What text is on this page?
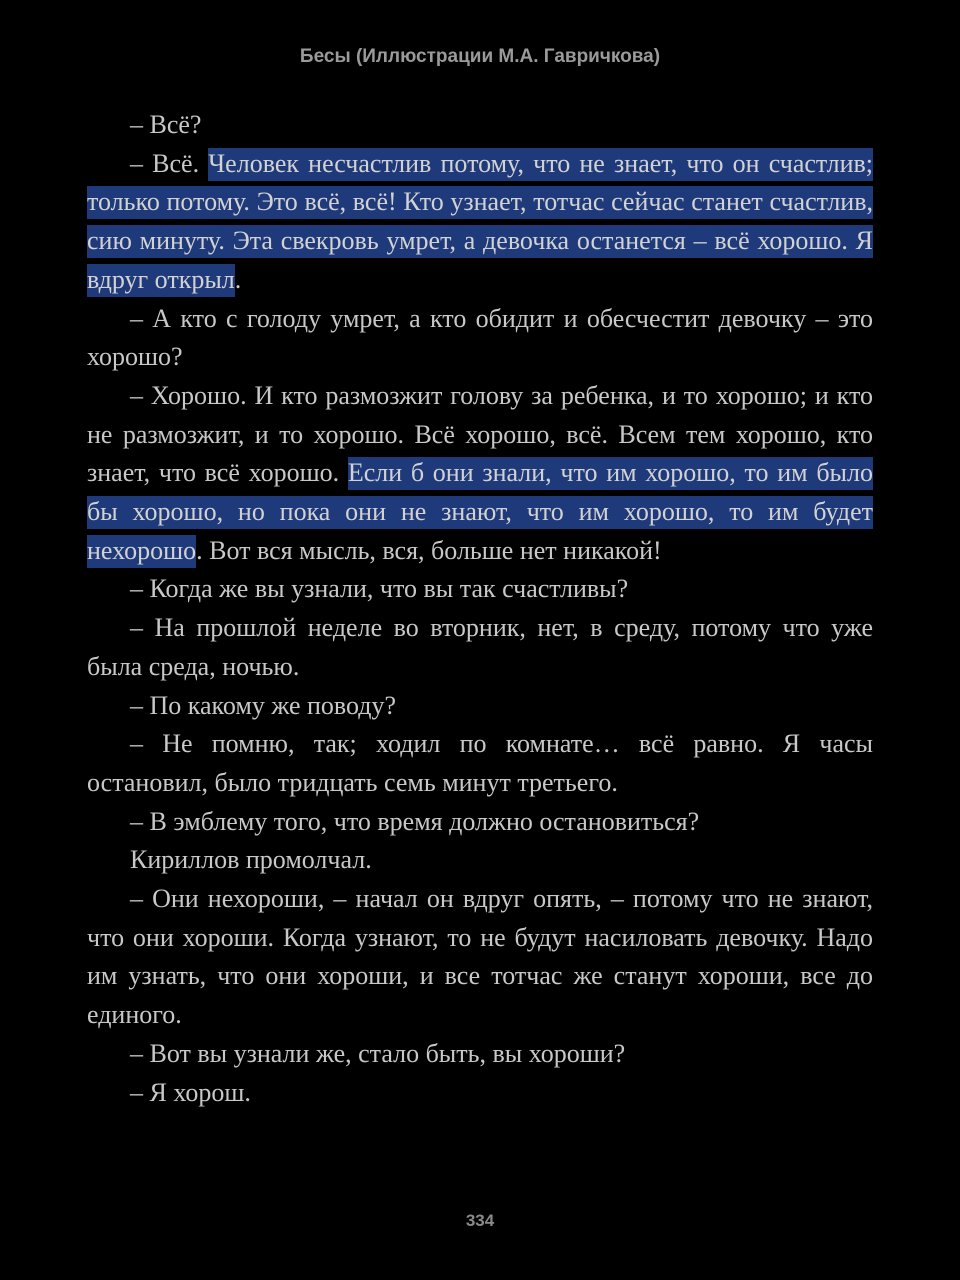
Бесы (Иллюстрации М.А. Гавричкова)

– Всё?

– Всё. Человек несчастлив потому, что не знает, что он счастлив; только потому. Это всё, всё! Кто узнает, тотчас сейчас станет счастлив, сию минуту. Эта свекровь умрет, а девочка останется – всё хорошо. Я вдруг открыл.

– А кто с голоду умрет, а кто обидит и обесчестит девочку – это хорошо?

– Хорошо. И кто размозжит голову за ребенка, и то хорошо; и кто не размозжит, и то хорошо. Всё хорошо, всё. Всем тем хорошо, кто знает, что всё хорошо. Если б они знали, что им хорошо, то им было бы хорошо, но пока они не знают, что им хорошо, то им будет нехорошо. Вот вся мысль, вся, больше нет никакой!

– Когда же вы узнали, что вы так счастливы?

– На прошлой неделе во вторник, нет, в среду, потому что уже была среда, ночью.

– По какому же поводу?

– Не помню, так; ходил по комнате… всё равно. Я часы остановил, было тридцать семь минут третьего.

– В эмблему того, что время должно остановиться?

Кириллов промолчал.

– Они нехороши, – начал он вдруг опять, – потому что не знают, что они хороши. Когда узнают, то не будут насиловать девочку. Надо им узнать, что они хороши, и все тотчас же станут хороши, все до единого.

– Вот вы узнали же, стало быть, вы хороши?

– Я хорош.

334
